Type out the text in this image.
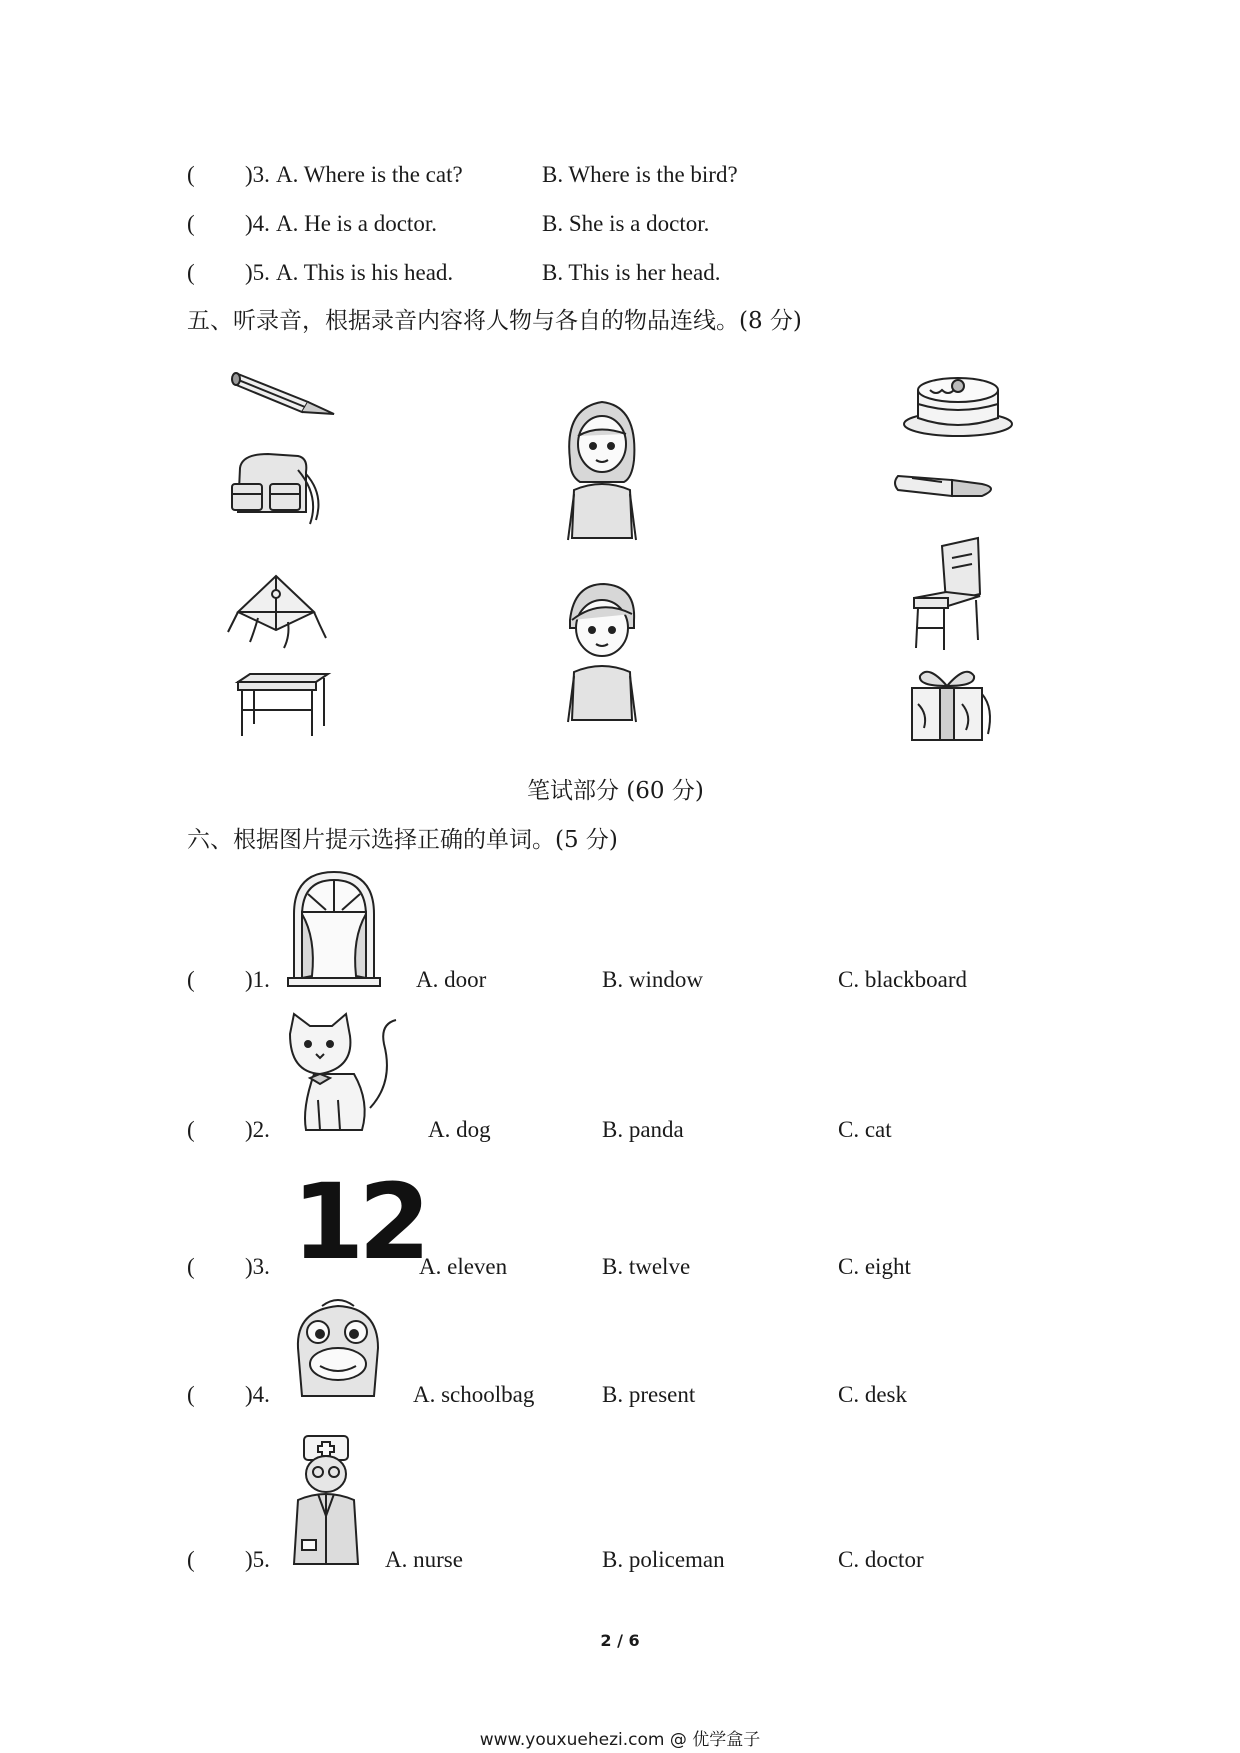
( )3. A. Where is the cat?	B. Where is the bird?
( )4. A. He is a doctor.	B. She is a doctor.
( )5. A. This is his head.	B. This is her head.
五、听录音，根据录音内容将人物与各自的物品连线。(8 分)
笔试部分 (60 分)
六、根据图片提示选择正确的单词。(5 分)
( )1.	A. door	B. window	C. blackboard
( )2.	A. dog	B. panda	C. cat
12
( )3.	A. eleven	B. twelve	C. eight
( )4.	A. schoolbag	B. present	C. desk
( )5.	A. nurse	B. policeman	C. doctor
2 / 6
www.youxuehezi.com @ 优学盒子
